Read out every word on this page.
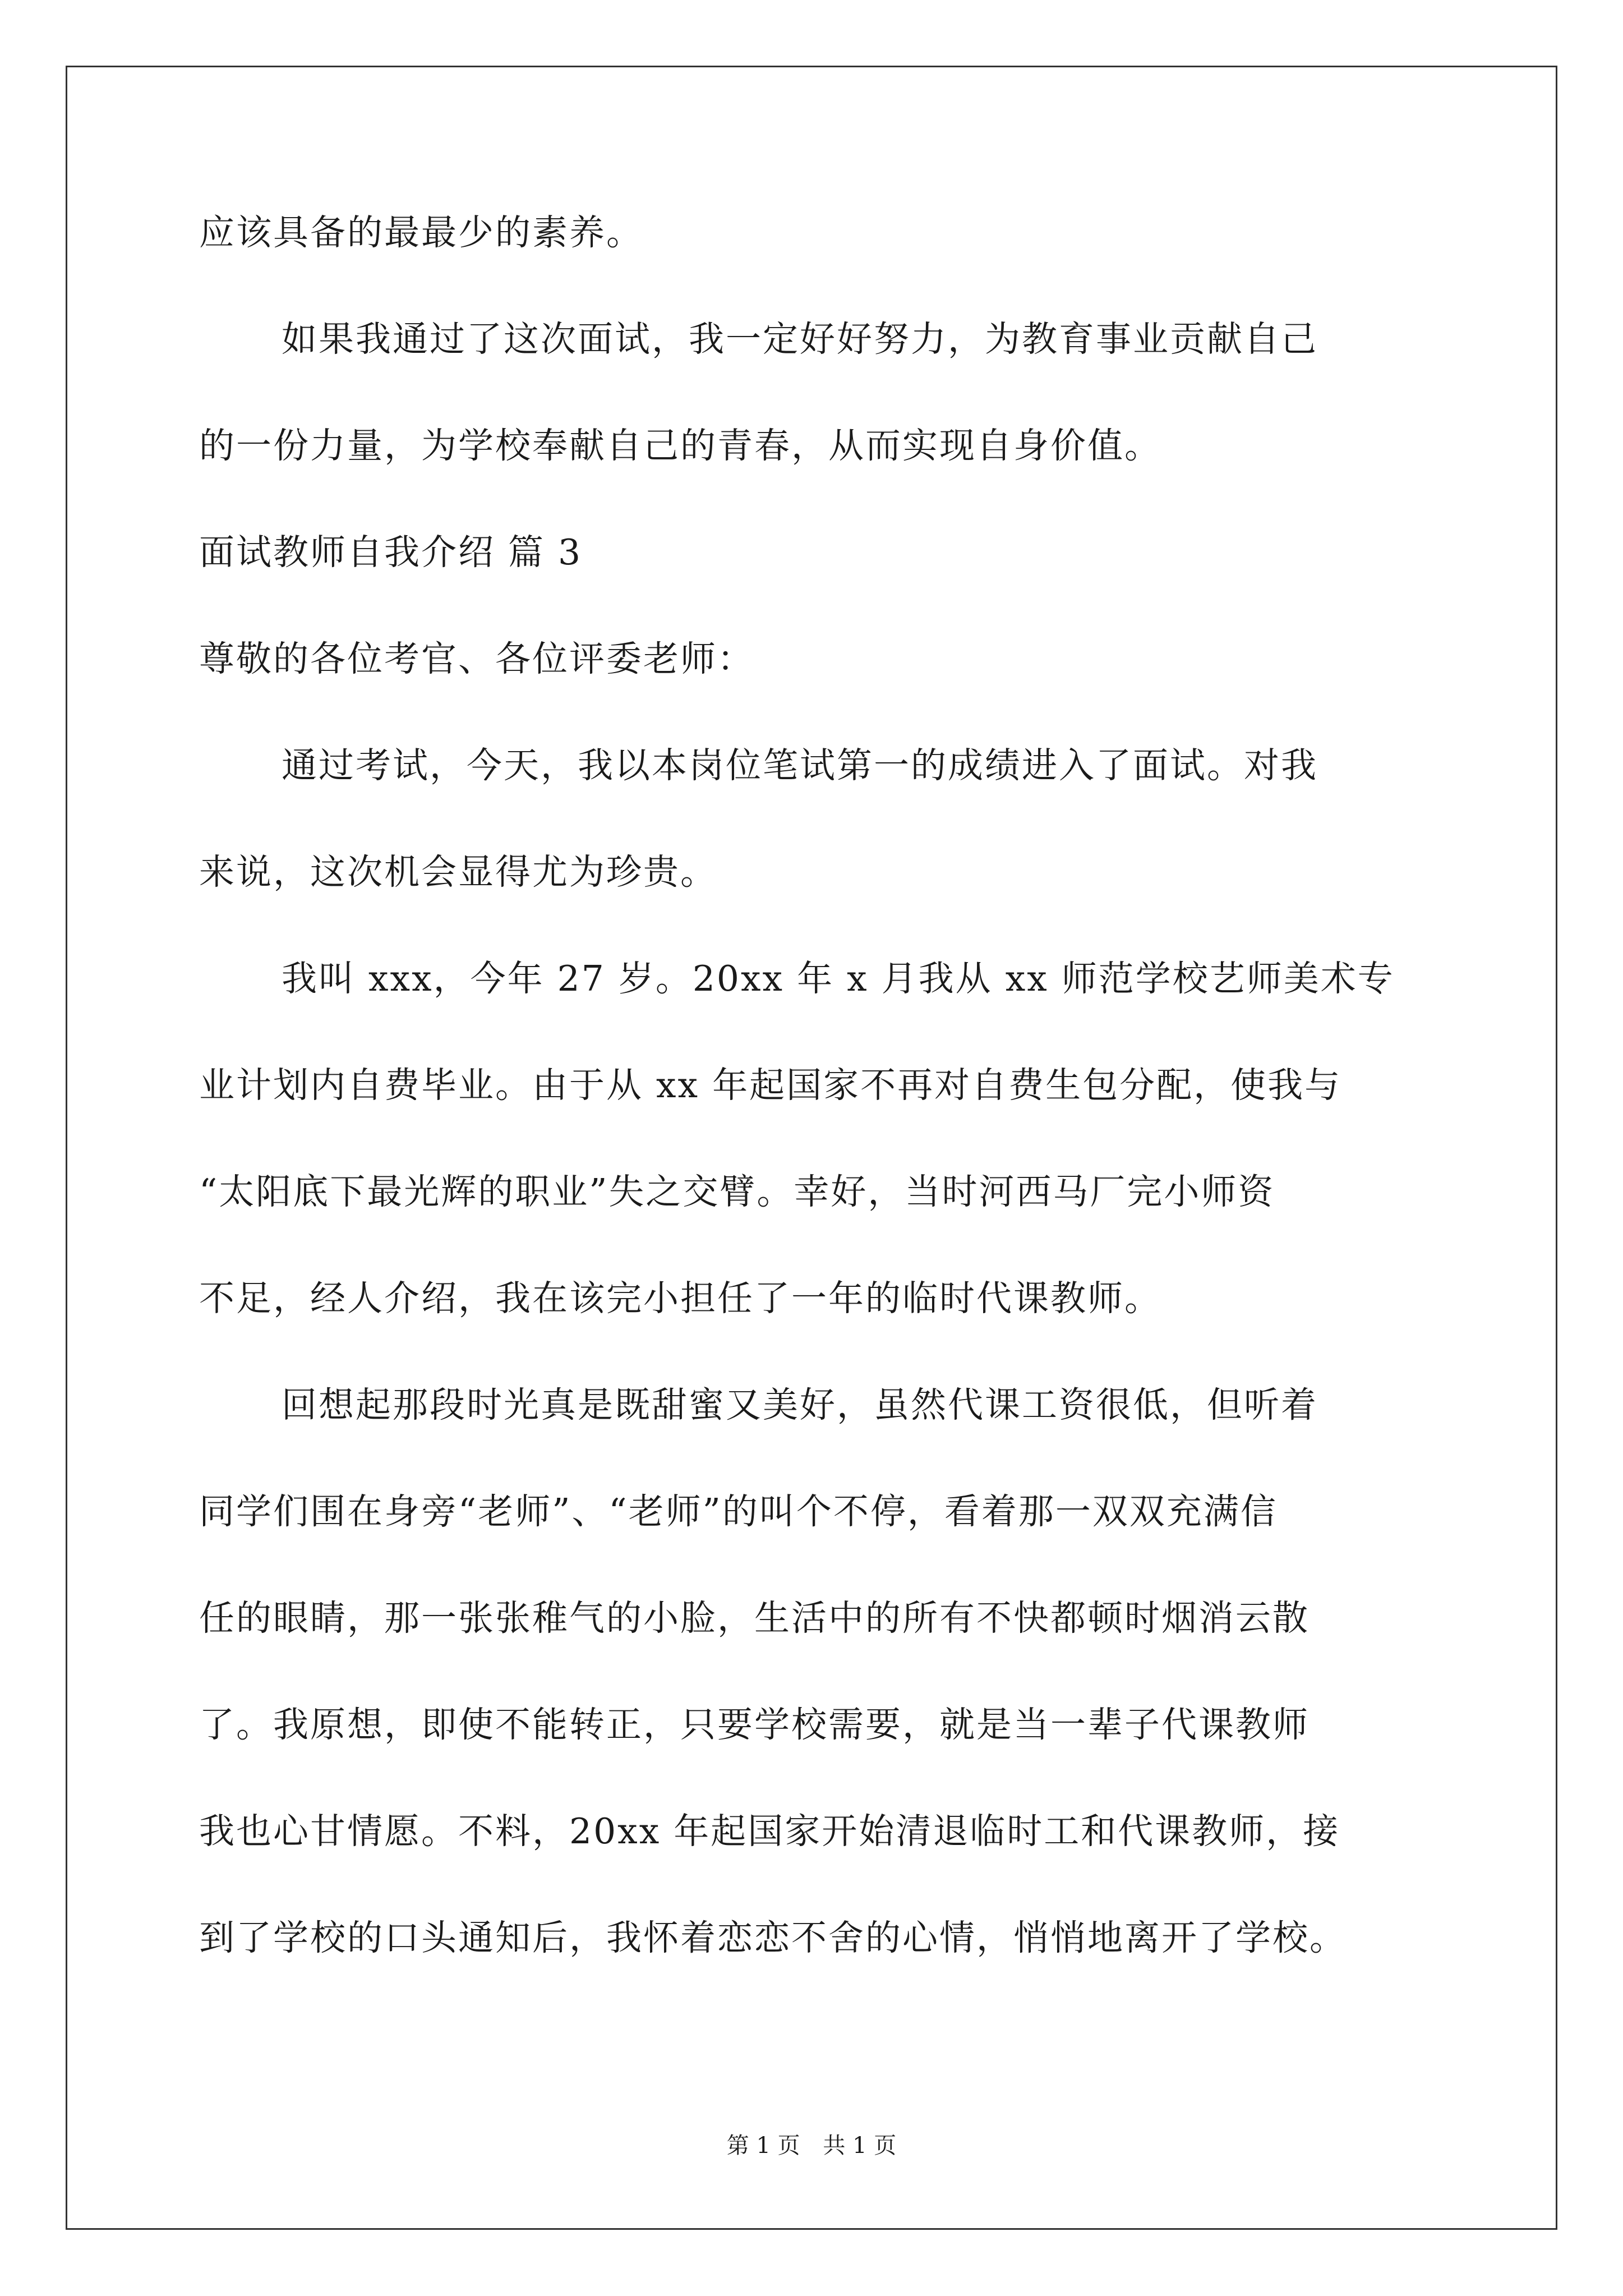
应该具备的最最少的素养。
如果我通过了这次面试，我一定好好努力，为教育事业贡献自己
的一份力量，为学校奉献自己的青春，从而实现自身价值。
面试教师自我介绍 篇 3
尊敬的各位考官、各位评委老师：
通过考试，今天，我以本岗位笔试第一的成绩进入了面试。对我
来说，这次机会显得尤为珍贵。
我叫 xxx，今年 27 岁。20xx 年 x 月我从 xx 师范学校艺师美术专
业计划内自费毕业。由于从 xx 年起国家不再对自费生包分配，使我与
“太阳底下最光辉的职业”失之交臂。幸好，当时河西马厂完小师资
不足，经人介绍，我在该完小担任了一年的临时代课教师。
回想起那段时光真是既甜蜜又美好，虽然代课工资很低，但听着
同学们围在身旁“老师”、“老师”的叫个不停，看着那一双双充满信
任的眼睛，那一张张稚气的小脸，生活中的所有不快都顿时烟消云散
了。我原想，即使不能转正，只要学校需要，就是当一辈子代课教师
我也心甘情愿。不料，20xx 年起国家开始清退临时工和代课教师，接
到了学校的口头通知后，我怀着恋恋不舍的心情，悄悄地离开了学校。
第 1 页 共 1 页
